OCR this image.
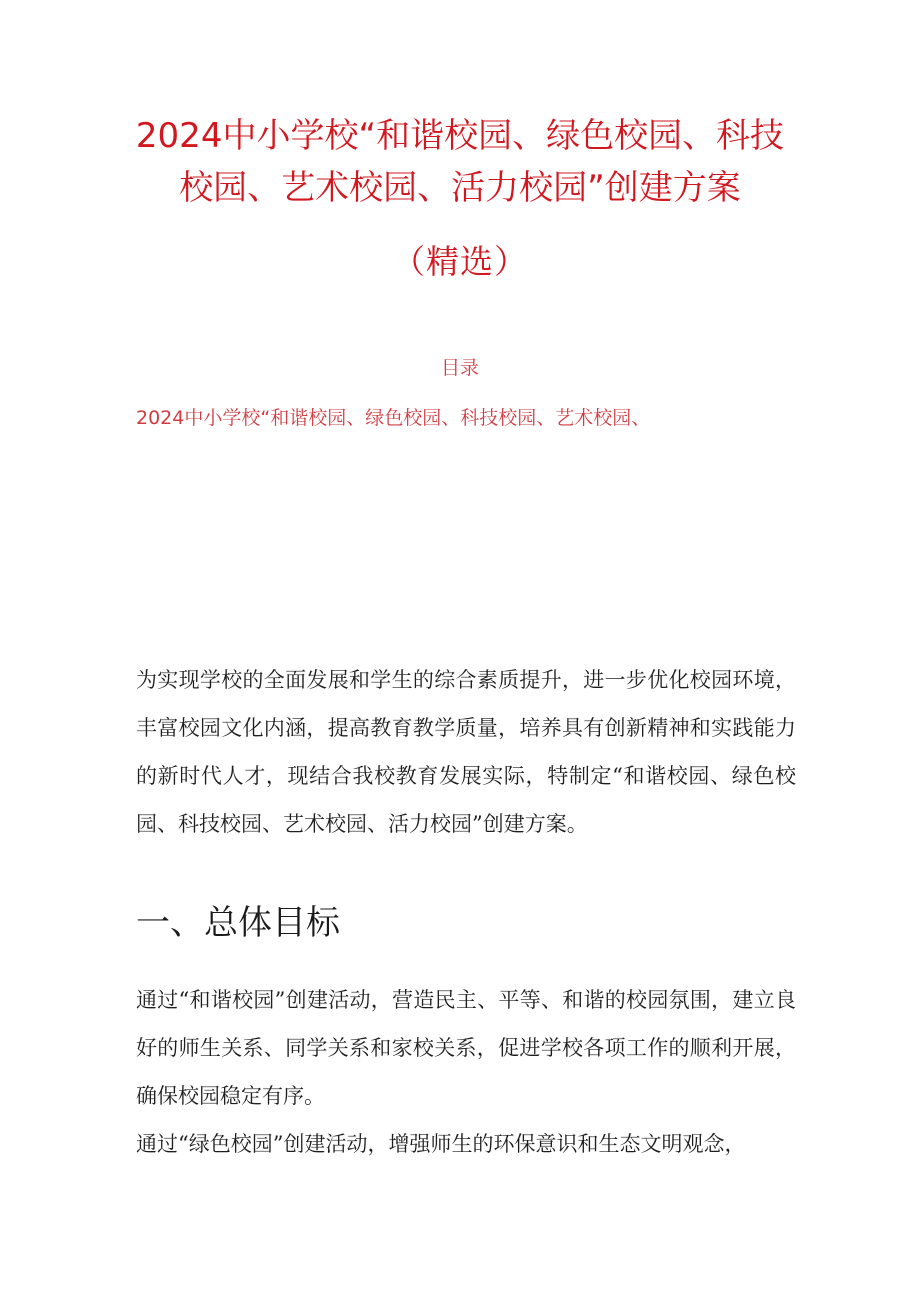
2024中小学校“和谐校园、绿色校园、科技
校园、艺术校园、活力校园”创建方案
（精选）
目录
2024中小学校“和谐校园、绿色校园、科技校园、艺术校园、

为实现学校的全面发展和学生的综合素质提升，进一步优化校园环境，丰富校园文化内涵，提高教育教学质量，培养具有创新精神和实践能力的新时代人才，现结合我校教育发展实际，特制定“和谐校园、绿色校园、科技校园、艺术校园、活力校园”创建方案。

一、总体目标

通过“和谐校园”创建活动，营造民主、平等、和谐的校园氛围，建立良好的师生关系、同学关系和家校关系，促进学校各项工作的顺利开展，确保校园稳定有序。

通过“绿色校园”创建活动，增强师生的环保意识和生态文明观念，
